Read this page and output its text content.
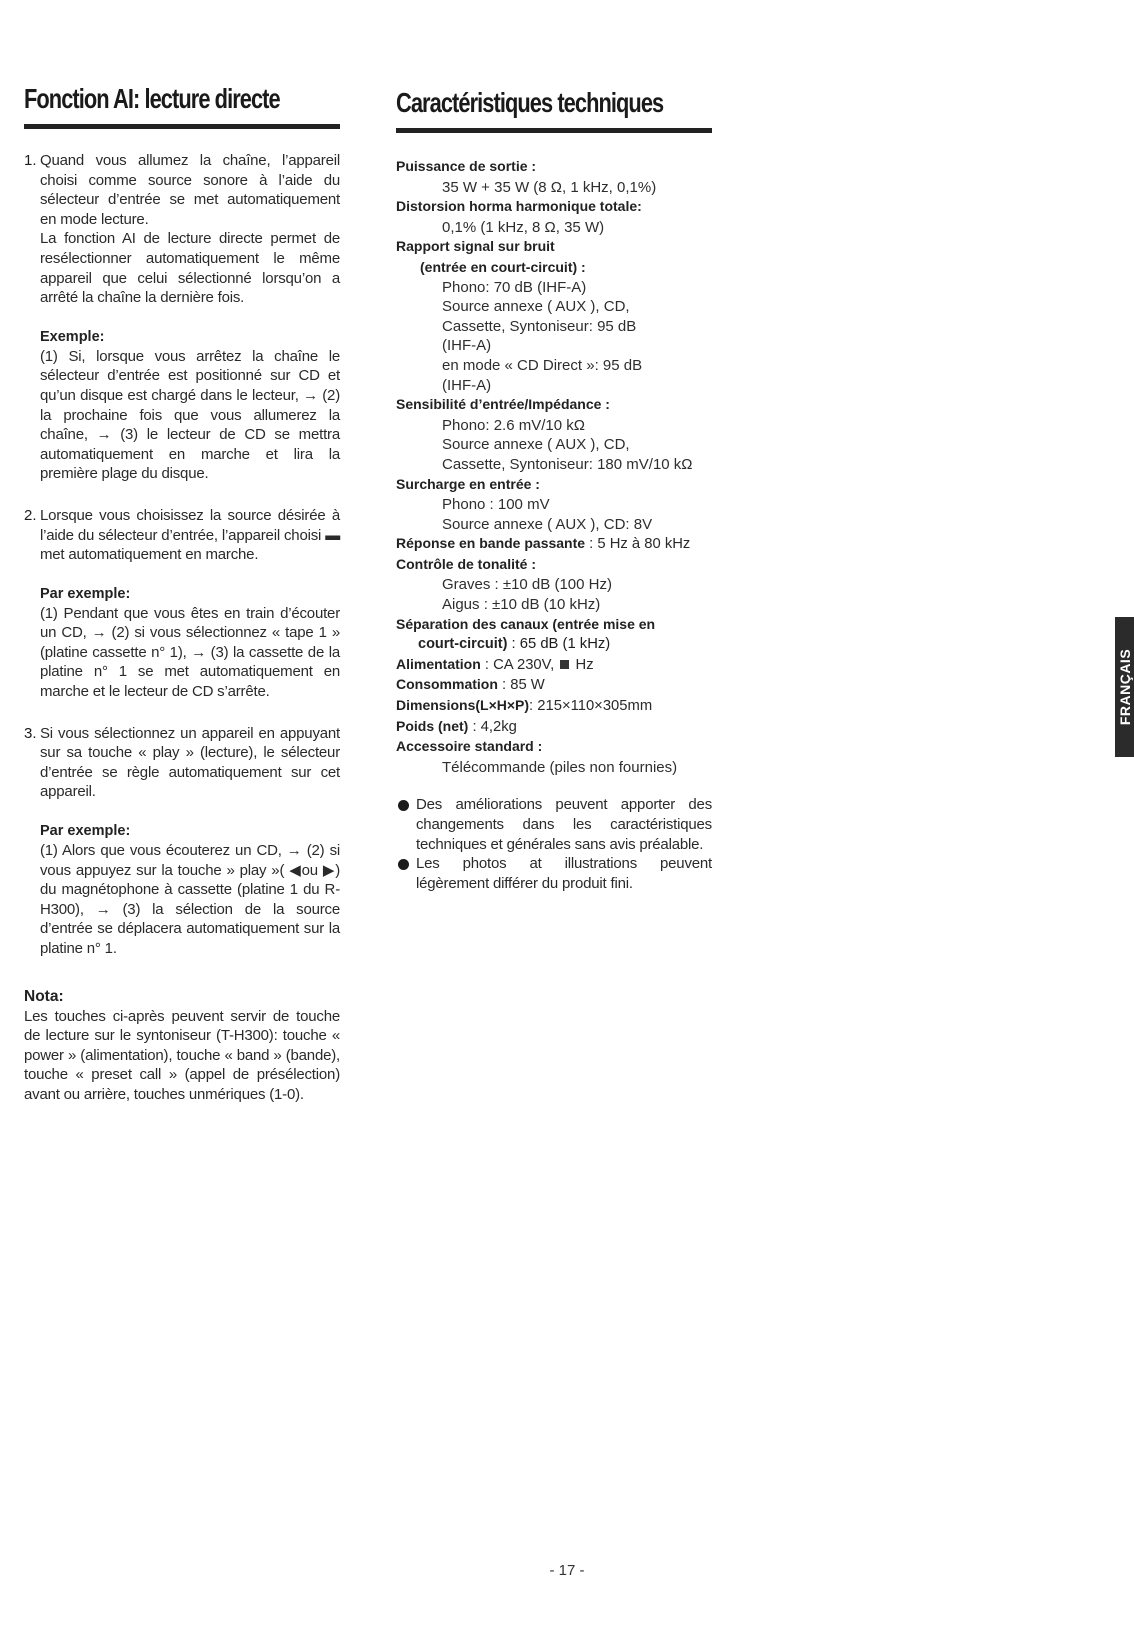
Fonction AI: lecture directe
1. Quand vous allumez la chaîne, l’appareil choisi comme source sonore à l’aide du sélecteur d’entrée se met automatiquement en mode lecture.
La fonction AI de lecture directe permet de resélectionner automatiquement le même appareil que celui sélectionné lorsqu’on a arrêté la chaîne la dernière fois.
Exemple:
(1) Si, lorsque vous arrêtez la chaîne le sélecteur d’entrée est positionné sur CD et qu’un disque est chargé dans le lecteur, → (2) la prochaine fois que vous allumerez la chaîne, → (3) le lecteur de CD se mettra automatiquement en marche et lira la première plage du disque.
2. Lorsque vous choisissez la source désirée à l’aide du sélecteur d’entrée, l’appareil choisi ▬ met automatiquement en marche.
Par exemple:
(1) Pendant que vous êtes en train d’écouter un CD, → (2) si vous sélectionnez « tape 1 » (platine cassette n° 1), → (3) la cassette de la platine n° 1 se met automatiquement en marche et le lecteur de CD s’arrête.
3. Si vous sélectionnez un appareil en appuyant sur sa touche « play » (lecture), le sélecteur d’entrée se règle automatiquement sur cet appareil.
Par exemple:
(1) Alors que vous écouterez un CD, → (2) si vous appuyez sur la touche » play »( ◀ou ▶) du magnétophone à cassette (platine 1 du R-H300), → (3) la sélection de la source d’entrée se déplacera automatiquement sur la platine n° 1.
Nota:
Les touches ci-après peuvent servir de touche de lecture sur le syntoniseur (T-H300): touche « power » (alimentation), touche « band » (bande), touche « preset call » (appel de présélection) avant ou arrière, touches unmériques (1-0).
Caractéristiques techniques
Puissance de sortie :
35 W + 35 W (8 Ω, 1 kHz, 0,1%)
Distorsion horma harmonique totale:
0,1% (1 kHz, 8 Ω, 35 W)
Rapport signal sur bruit
(entrée en court-circuit) :
Phono: 70 dB (IHF-A)
Source annexe ( AUX ), CD,
Cassette, Syntoniseur: 95 dB
(IHF-A)
en mode « CD Direct »: 95 dB
(IHF-A)
Sensibilité d’entrée/Impédance :
Phono: 2.6 mV/10 kΩ
Source annexe ( AUX ), CD,
Cassette, Syntoniseur: 180 mV/10 kΩ
Surcharge en entrée :
Phono : 100 mV
Source annexe ( AUX ), CD: 8V
Réponse en bande passante : 5 Hz à 80 kHz
Contrôle de tonalité :
Graves : ±10 dB (100 Hz)
Aigus : ±10 dB (10 kHz)
Séparation des canaux (entrée mise en
court-circuit) : 65 dB (1 kHz)
Alimentation : CA 230V, Hz
Consommation : 85 W
Dimensions(L×H×P): 215×110×305mm
Poids (net) : 4,2kg
Accessoire standard :
Télécommande (piles non fournies)
Des améliorations peuvent apporter des changements dans les caractéristiques techniques et générales sans avis préalable.
Les photos at illustrations peuvent légèrement différer du produit fini.
FRANÇAIS
- 17 -
